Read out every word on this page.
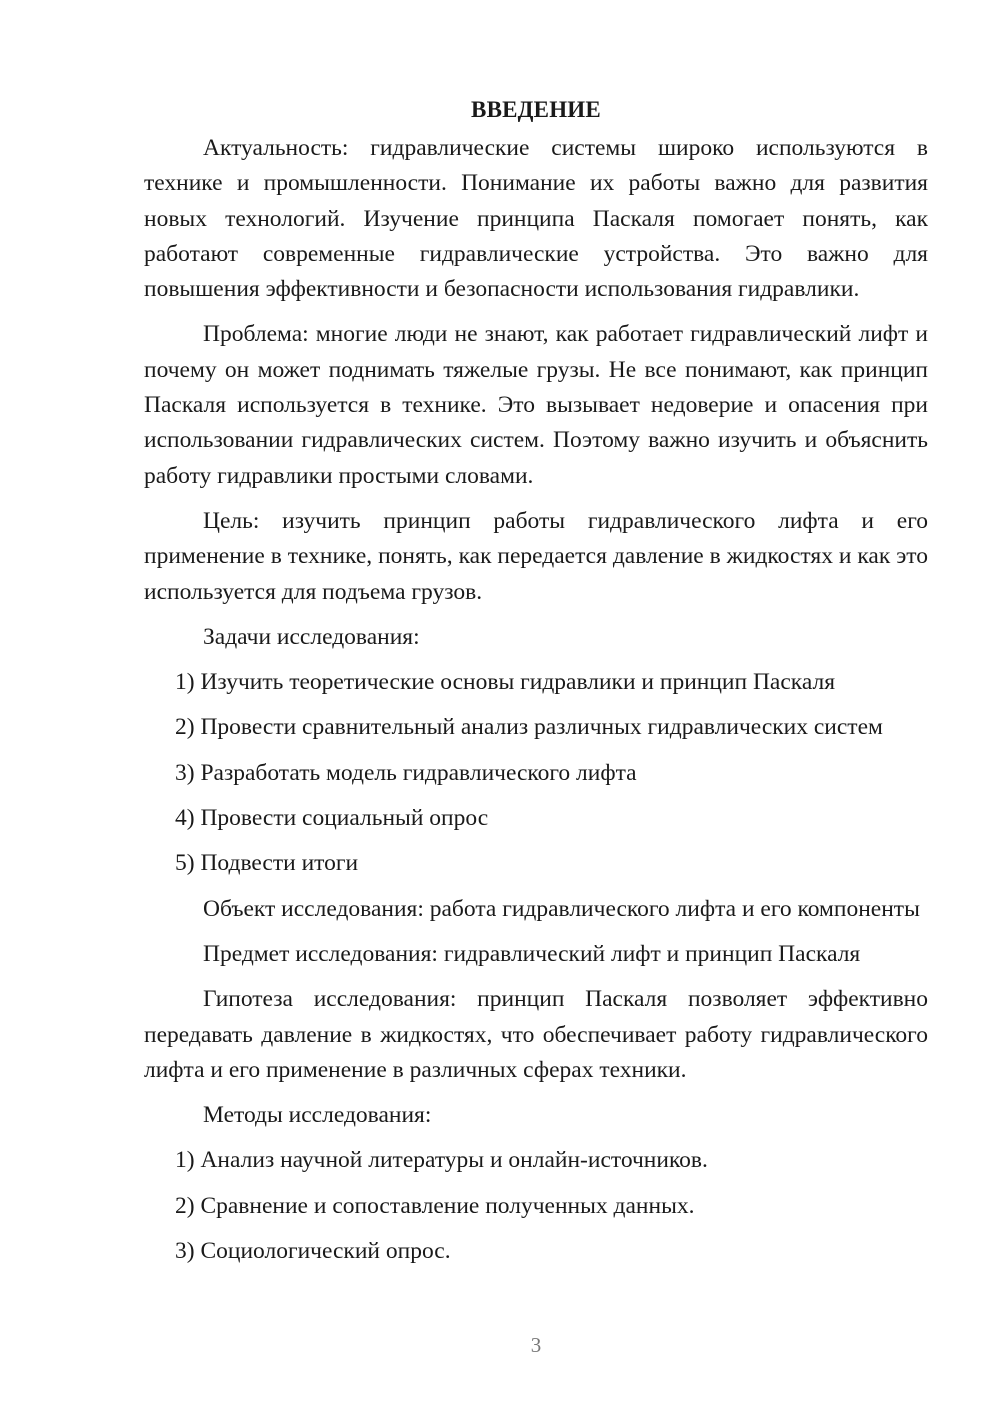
ВВЕДЕНИЕ
Актуальность: гидравлические системы широко используются в технике и промышленности. Понимание их работы важно для развития новых технологий. Изучение принципа Паскаля помогает понять, как работают современные гидравлические устройства. Это важно для повышения эффективности и безопасности использования гидравлики.
Проблема: многие люди не знают, как работает гидравлический лифт и почему он может поднимать тяжелые грузы. Не все понимают, как принцип Паскаля используется в технике. Это вызывает недоверие и опасения при использовании гидравлических систем. Поэтому важно изучить и объяснить работу гидравлики простыми словами.
Цель: изучить принцип работы гидравлического лифта и его применение в технике, понять, как передается давление в жидкостях и как это используется для подъема грузов.
Задачи исследования:
1) Изучить теоретические основы гидравлики и принцип Паскаля
2) Провести сравнительный анализ различных гидравлических систем
3) Разработать модель гидравлического лифта
4) Провести социальный опрос
5) Подвести итоги
Объект исследования: работа гидравлического лифта и его компоненты
Предмет исследования: гидравлический лифт и принцип Паскаля
Гипотеза исследования: принцип Паскаля позволяет эффективно передавать давление в жидкостях, что обеспечивает работу гидравлического лифта и его применение в различных сферах техники.
Методы исследования:
1) Анализ научной литературы и онлайн-источников.
2) Сравнение и сопоставление полученных данных.
3) Социологический опрос.
3
